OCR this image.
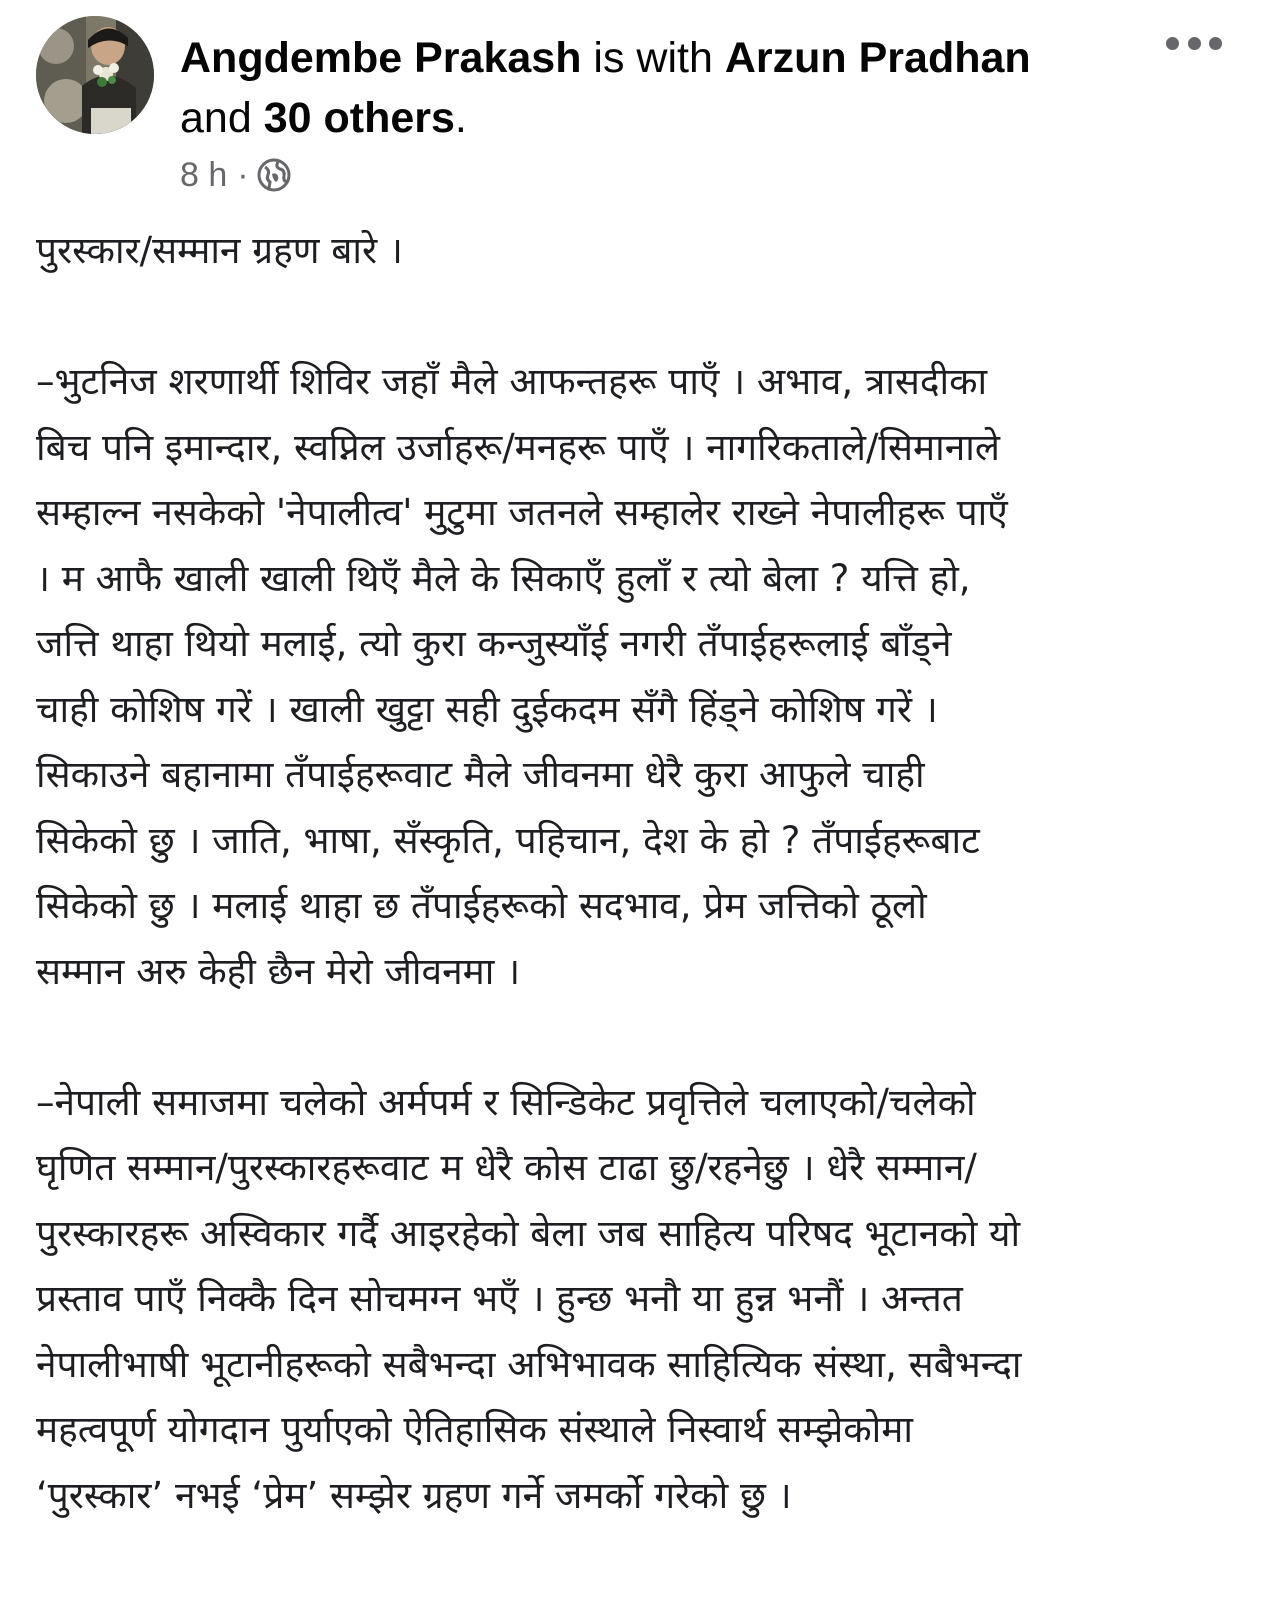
Angdembe Prakash is with Arzun Pradhan
and 30 others.
8 h ·
पुरस्कार/सम्मान ग्रहण बारे ।
–भुटनिज शरणार्थी शिविर जहाँ मैले आफन्तहरू पाएँ । अभाव, त्रासदीका
बिच पनि इमान्दार, स्वप्निल उर्जाहरू/मनहरू पाएँ । नागरिकताले/सिमानाले
सम्हाल्न नसकेको 'नेपालीत्व' मुटुमा जतनले सम्हालेर राख्ने नेपालीहरू पाएँ
। म आफै खाली खाली थिएँ मैले के सिकाएँ हुलाँ र त्यो बेला ? यत्ति हो,
जत्ति थाहा थियो मलाई, त्यो कुरा कन्जुस्याँई नगरी तँपाईहरूलाई बाँड्ने
चाही कोशिष गरें । खाली खुट्टा सही दुईकदम सँगै हिंड्ने कोशिष गरें ।
सिकाउने बहानामा तँपाईहरूवाट मैले जीवनमा धेरै कुरा आफुले चाही
सिकेको छु । जाति, भाषा, सँस्कृति, पहिचान, देश के हो ? तँपाईहरूबाट
सिकेको छु । मलाई थाहा छ तँपाईहरूको सदभाव, प्रेम जत्तिको ठूलो
सम्मान अरु केही छैन मेरो जीवनमा ।
–नेपाली समाजमा चलेको अर्मपर्म र सिन्डिकेट प्रवृत्तिले चलाएको/चलेको
घृणित सम्मान/पुरस्कारहरूवाट म धेरै कोस टाढा छु/रहनेछु । धेरै सम्मान/
पुरस्कारहरू अस्विकार गर्दै आइरहेको बेला जब साहित्य परिषद भूटानको यो
प्रस्ताव पाएँ निक्कै दिन सोचमग्न भएँ । हुन्छ भनौ या हुन्न भनौं । अन्तत
नेपालीभाषी भूटानीहरूको सबैभन्दा अभिभावक साहित्यिक संस्था, सबैभन्दा
महत्वपूर्ण योगदान पुर्याएको ऐतिहासिक संस्थाले निस्वार्थ सम्झेकोमा
‘पुरस्कार’ नभई ‘प्रेम’ सम्झेर ग्रहण गर्ने जमर्को गरेको छु ।
